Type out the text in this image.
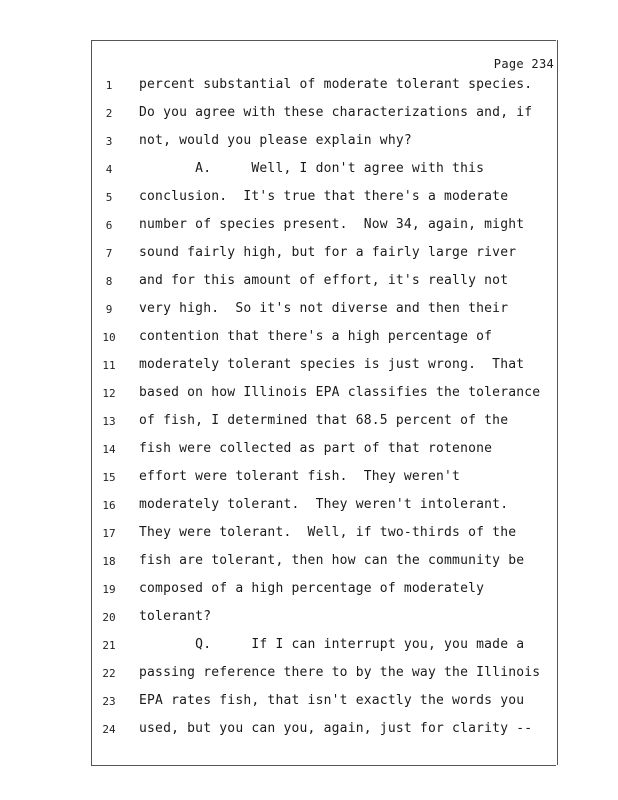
Page 234
1	percent substantial of moderate tolerant species.
2	Do you agree with these characterizations and, if
3	not, would you please explain why?
4	A.     Well, I don't agree with this
5	conclusion.  It's true that there's a moderate
6	number of species present.  Now 34, again, might
7	sound fairly high, but for a fairly large river
8	and for this amount of effort, it's really not
9	very high.  So it's not diverse and then their
10	contention that there's a high percentage of
11	moderately tolerant species is just wrong.  That
12	based on how Illinois EPA classifies the tolerance
13	of fish, I determined that 68.5 percent of the
14	fish were collected as part of that rotenone
15	effort were tolerant fish.  They weren't
16	moderately tolerant.  They weren't intolerant.
17	They were tolerant.  Well, if two-thirds of the
18	fish are tolerant, then how can the community be
19	composed of a high percentage of moderately
20	tolerant?
21	Q.     If I can interrupt you, you made a
22	passing reference there to by the way the Illinois
23	EPA rates fish, that isn't exactly the words you
24	used, but you can you, again, just for clarity --
